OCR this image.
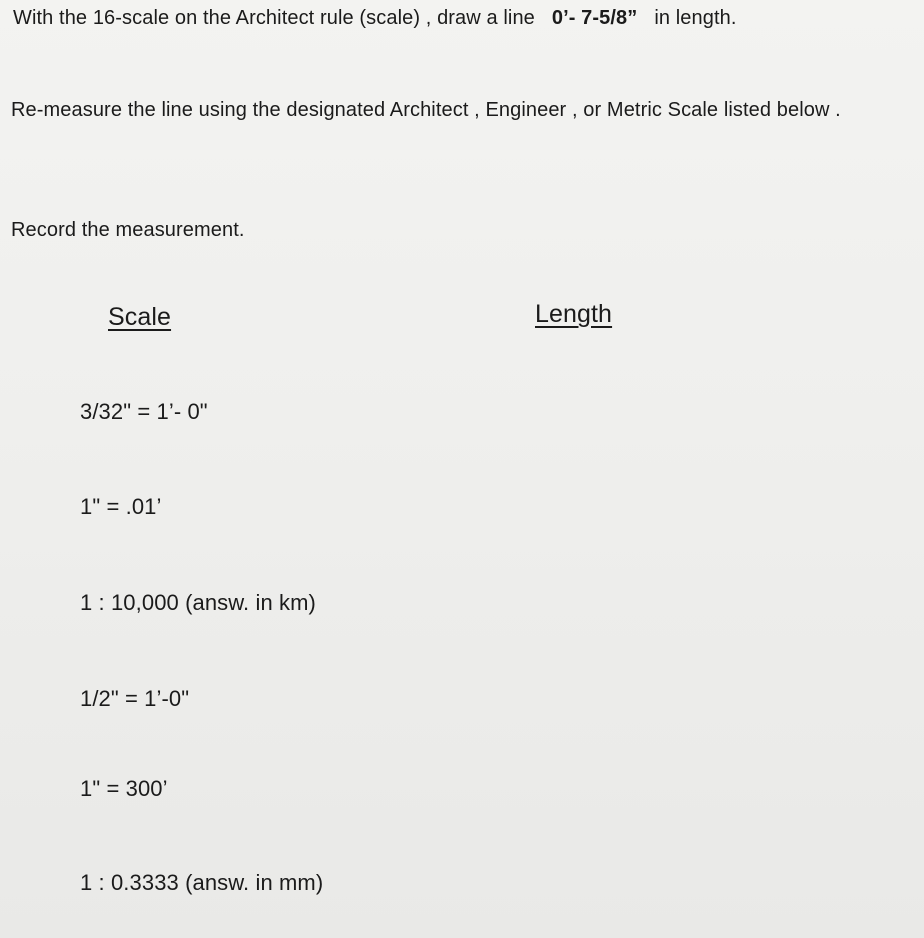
With the 16-scale on the Architect rule (scale) , draw a line 0’- 7-5/8” in length.

Re-measure the line using the designated Architect , Engineer , or Metric Scale listed below .

Record the measurement.

Scale	Length
3/32" = 1’- 0"
1" = .01’
1 : 10,000 (answ. in km)
1/2" = 1’-0"
1" = 300’
1 : 0.3333 (answ. in mm)
